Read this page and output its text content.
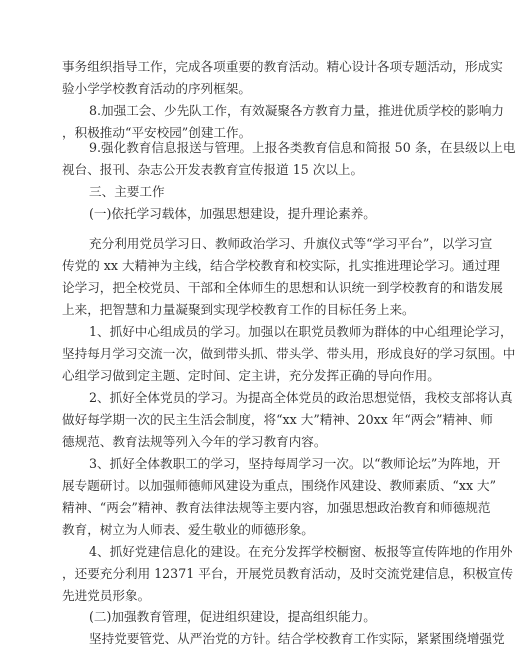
事务组织指导工作，完成各项重要的教育活动。精心设计各项专题活动，形成实
验小学学校教育活动的序列框架。
8.加强工会、少先队工作，有效凝聚各方教育力量，推进优质学校的影响力
，积极推动“平安校园”创建工作。
9.强化教育信息报送与管理。上报各类教育信息和简报 50 条，在县级以上电
视台、报刊、杂志公开发表教育宣传报道 15 次以上。
三、主要工作
(一)依托学习载体，加强思想建设，提升理论素养。
充分利用党员学习日、教师政治学习、升旗仪式等“学习平台”，以学习宣
传党的 xx 大精神为主线，结合学校教育和校实际，扎实推进理论学习。通过理
论学习，把全校党员、干部和全体师生的思想和认识统一到学校教育的和谐发展
上来，把智慧和力量凝聚到实现学校教育工作的目标任务上来。
1、抓好中心组成员的学习。加强以在职党员教师为群体的中心组理论学习，
坚持每月学习交流一次，做到带头抓、带头学、带头用，形成良好的学习氛围。中
心组学习做到定主题、定时间、定主讲，充分发挥正确的导向作用。
2、抓好全体党员的学习。为提高全体党员的政治思想觉悟，我校支部将认真
做好每学期一次的民主生活会制度，将“xx 大”精神、20xx 年“两会”精神、师
德规范、教育法规等列入今年的学习教育内容。
3、抓好全体教职工的学习，坚持每周学习一次。以“教师论坛”为阵地，开
展专题研讨。以加强师德师风建设为重点，围绕作风建设、教师素质、“xx 大”
精神、“两会”精神、教育法律法规等主要内容，加强思想政治教育和师德规范
教育，树立为人师表、爱生敬业的师德形象。
4、抓好党建信息化的建设。在充分发挥学校橱窗、板报等宣传阵地的作用外
，还要充分利用 12371 平台，开展党员教育活动，及时交流党建信息，积极宣传
先进党员形象。
(二)加强教育管理，促进组织建设，提高组织能力。
坚持党要管党、从严治党的方针。结合学校教育工作实际，紧紧围绕增强党
